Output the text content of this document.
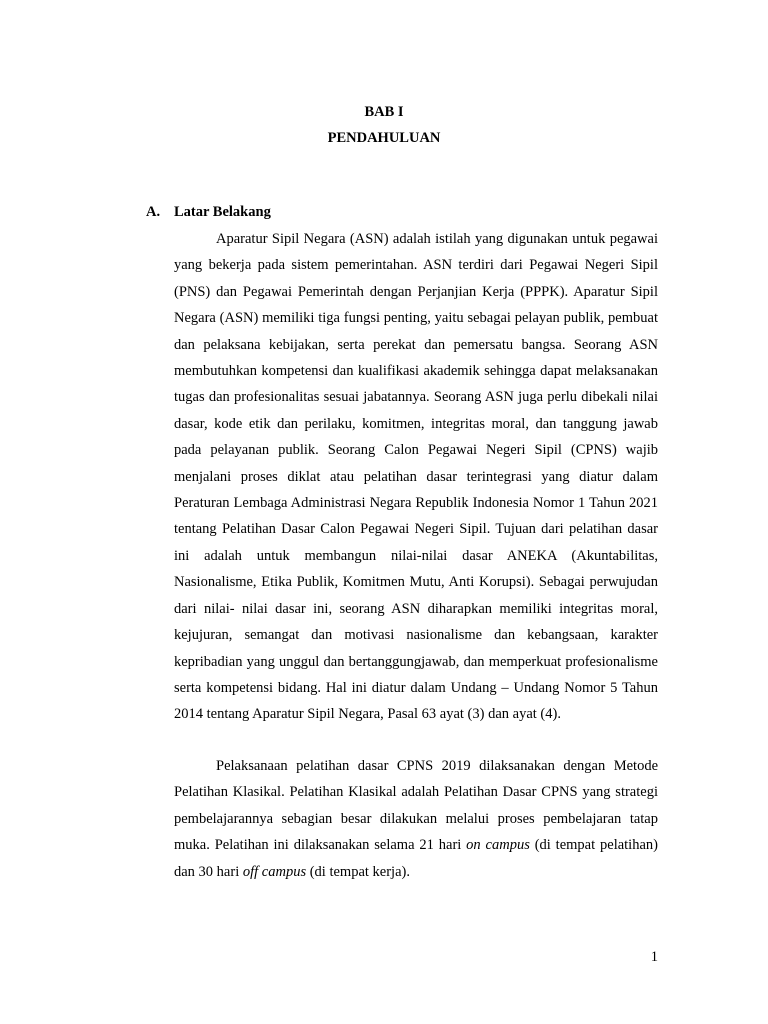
BAB I
PENDAHULUAN
A. Latar Belakang

Aparatur Sipil Negara (ASN) adalah istilah yang digunakan untuk pegawai yang bekerja pada sistem pemerintahan. ASN terdiri dari Pegawai Negeri Sipil (PNS) dan Pegawai Pemerintah dengan Perjanjian Kerja (PPPK). Aparatur Sipil Negara (ASN) memiliki tiga fungsi penting, yaitu sebagai pelayan publik, pembuat dan pelaksana kebijakan, serta perekat dan pemersatu bangsa. Seorang ASN membutuhkan kompetensi dan kualifikasi akademik sehingga dapat melaksanakan tugas dan profesionalitas sesuai jabatannya. Seorang ASN juga perlu dibekali nilai dasar, kode etik dan perilaku, komitmen, integritas moral, dan tanggung jawab pada pelayanan publik. Seorang Calon Pegawai Negeri Sipil (CPNS) wajib menjalani proses diklat atau pelatihan dasar terintegrasi yang diatur dalam Peraturan Lembaga Administrasi Negara Republik Indonesia Nomor 1 Tahun 2021 tentang Pelatihan Dasar Calon Pegawai Negeri Sipil. Tujuan dari pelatihan dasar ini adalah untuk membangun nilai-nilai dasar ANEKA (Akuntabilitas, Nasionalisme, Etika Publik, Komitmen Mutu, Anti Korupsi). Sebagai perwujudan dari nilai- nilai dasar ini, seorang ASN diharapkan memiliki integritas moral, kejujuran, semangat dan motivasi nasionalisme dan kebangsaan, karakter kepribadian yang unggul dan bertanggungjawab, dan memperkuat profesionalisme serta kompetensi bidang. Hal ini diatur dalam Undang – Undang Nomor 5 Tahun 2014 tentang Aparatur Sipil Negara, Pasal 63 ayat (3) dan ayat (4).

Pelaksanaan pelatihan dasar CPNS 2019 dilaksanakan dengan Metode Pelatihan Klasikal. Pelatihan Klasikal adalah Pelatihan Dasar CPNS yang strategi pembelajarannya sebagian besar dilakukan melalui proses pembelajaran tatap muka. Pelatihan ini dilaksanakan selama 21 hari on campus (di tempat pelatihan) dan 30 hari off campus (di tempat kerja).

1
